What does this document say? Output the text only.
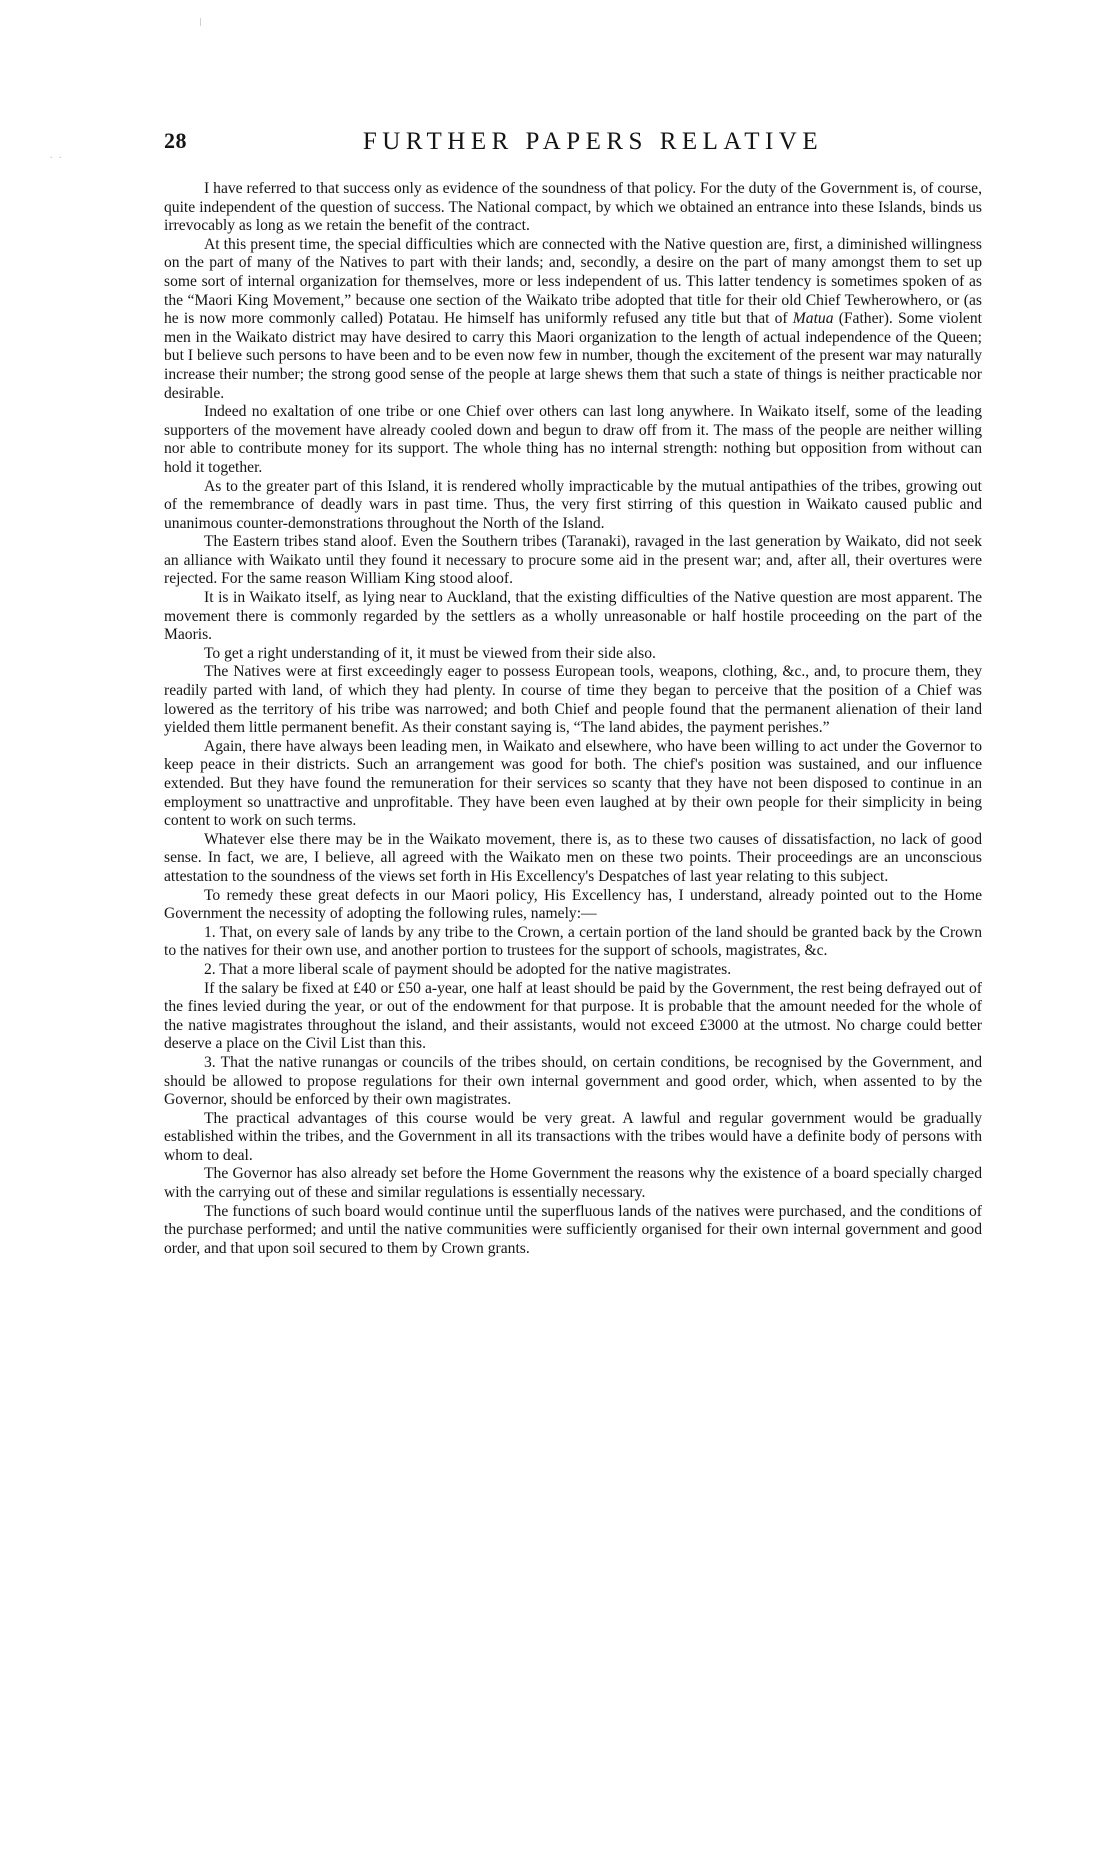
. .
28	FURTHER PAPERS RELATIVE

I have referred to that success only as evidence of the soundness of that policy. For the duty of the Government is, of course, quite independent of the question of success. The National compact, by which we obtained an entrance into these Islands, binds us irrevocably as long as we retain the benefit of the contract.

At this present time, the special difficulties which are connected with the Native question are, first, a diminished willingness on the part of many of the Natives to part with their lands; and, secondly, a desire on the part of many amongst them to set up some sort of internal organization for themselves, more or less independent of us. This latter tendency is sometimes spoken of as the “Maori King Movement,” because one section of the Waikato tribe adopted that title for their old Chief Tewherowhero, or (as he is now more commonly called) Potatau. He himself has uniformly refused any title but that of Matua (Father). Some violent men in the Waikato district may have desired to carry this Maori organization to the length of actual independence of the Queen; but I believe such persons to have been and to be even now few in number, though the excitement of the present war may naturally increase their number; the strong good sense of the people at large shews them that such a state of things is neither practicable nor desirable.

Indeed no exaltation of one tribe or one Chief over others can last long anywhere. In Waikato itself, some of the leading supporters of the movement have already cooled down and begun to draw off from it. The mass of the people are neither willing nor able to contribute money for its support. The whole thing has no internal strength: nothing but opposition from without can hold it together.

As to the greater part of this Island, it is rendered wholly impracticable by the mutual antipathies of the tribes, growing out of the remembrance of deadly wars in past time. Thus, the very first stirring of this question in Waikato caused public and unanimous counter-demonstrations throughout the North of the Island.

The Eastern tribes stand aloof. Even the Southern tribes (Taranaki), ravaged in the last generation by Waikato, did not seek an alliance with Waikato until they found it necessary to procure some aid in the present war; and, after all, their overtures were rejected. For the same reason William King stood aloof.

It is in Waikato itself, as lying near to Auckland, that the existing difficulties of the Native question are most apparent. The movement there is commonly regarded by the settlers as a wholly unreasonable or half hostile proceeding on the part of the Maoris.

To get a right understanding of it, it must be viewed from their side also.

The Natives were at first exceedingly eager to possess European tools, weapons, clothing, &c., and, to procure them, they readily parted with land, of which they had plenty. In course of time they began to perceive that the position of a Chief was lowered as the territory of his tribe was narrowed; and both Chief and people found that the permanent alienation of their land yielded them little permanent benefit. As their constant saying is, “The land abides, the payment perishes.”

Again, there have always been leading men, in Waikato and elsewhere, who have been willing to act under the Governor to keep peace in their districts. Such an arrangement was good for both. The chief's position was sustained, and our influence extended. But they have found the remuneration for their services so scanty that they have not been disposed to continue in an employment so unattractive and unprofitable. They have been even laughed at by their own people for their simplicity in being content to work on such terms.

Whatever else there may be in the Waikato movement, there is, as to these two causes of dissatisfaction, no lack of good sense. In fact, we are, I believe, all agreed with the Waikato men on these two points. Their proceedings are an unconscious attestation to the soundness of the views set forth in His Excellency's Despatches of last year relating to this subject.

To remedy these great defects in our Maori policy, His Excellency has, I understand, already pointed out to the Home Government the necessity of adopting the following rules, namely:—

1. That, on every sale of lands by any tribe to the Crown, a certain portion of the land should be granted back by the Crown to the natives for their own use, and another portion to trustees for the support of schools, magistrates, &c.

2. That a more liberal scale of payment should be adopted for the native magistrates.

If the salary be fixed at £40 or £50 a-year, one half at least should be paid by the Government, the rest being defrayed out of the fines levied during the year, or out of the endowment for that purpose. It is probable that the amount needed for the whole of the native magistrates throughout the island, and their assistants, would not exceed £3000 at the utmost. No charge could better deserve a place on the Civil List than this.

3. That the native runangas or councils of the tribes should, on certain conditions, be recognised by the Government, and should be allowed to propose regulations for their own internal government and good order, which, when assented to by the Governor, should be enforced by their own magistrates.

The practical advantages of this course would be very great. A lawful and regular government would be gradually established within the tribes, and the Government in all its transactions with the tribes would have a definite body of persons with whom to deal.

The Governor has also already set before the Home Government the reasons why the existence of a board specially charged with the carrying out of these and similar regulations is essentially necessary.

The functions of such board would continue until the superfluous lands of the natives were purchased, and the conditions of the purchase performed; and until the native communities were sufficiently organised for their own internal government and good order, and that upon soil secured to them by Crown grants.
